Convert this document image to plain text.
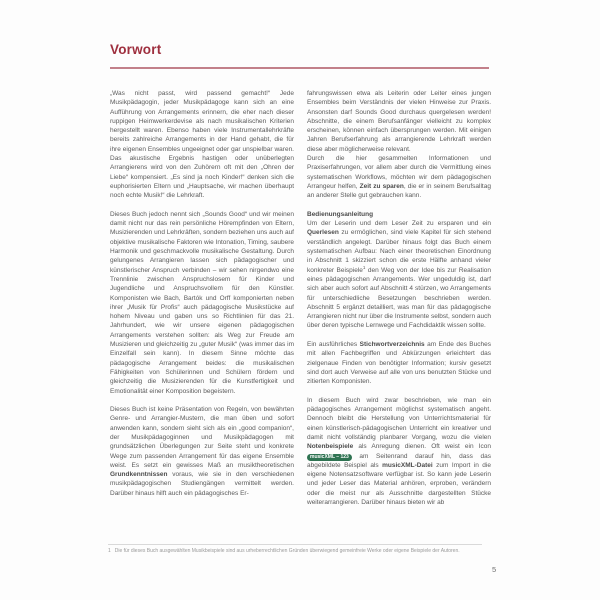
Vorwort

„Was nicht passt, wird passend gemacht!“ Jede Musikpädagogin, jeder Musikpädagoge kann sich an eine Aufführung von Arrangements erinnern, die eher nach dieser ruppigen Heimwerkerdevise als nach musikalischen Kriterien hergestellt waren. Ebenso haben viele Instrumentallehrkräfte bereits zahlreiche Arrangements in der Hand gehabt, die für ihre eigenen Ensembles ungeeignet oder gar unspielbar waren. Das akustische Ergebnis hastigen oder unüberlegten Arrangierens wird von den Zuhörern oft mit den „Ohren der Liebe“ kompensiert. „Es sind ja noch Kinder!“ denken sich die euphorisierten Eltern und „Hauptsache, wir machen überhaupt noch echte Musik!“ die Lehrkraft.

Dieses Buch jedoch nennt sich „Sounds Good“ und wir meinen damit nicht nur das rein persönliche Hörempfinden von Eltern, Musizierenden und Lehrkräften, sondern beziehen uns auch auf objektive musikalische Faktoren wie Intonation, Timing, saubere Harmonik und geschmackvolle musikalische Gestaltung. Durch gelungenes Arrangieren lassen sich pädagogischer und künstlerischer Anspruch verbinden – wir sehen nirgendwo eine Trennlinie zwischen Anspruchslosem für Kinder und Jugendliche und Anspruchsvollem für den Künstler. Komponisten wie Bach, Bartók und Orff komponierten neben ihrer „Musik für Profis“ auch pädagogische Musikstücke auf hohem Niveau und gaben uns so Richtlinien für das 21. Jahrhundert, wie wir unsere eigenen pädagogischen Arrangements verstehen sollten: als Weg zur Freude am Musizieren und gleichzeitig zu „guter Musik“ (was immer das im Einzelfall sein kann). In diesem Sinne möchte das pädagogische Arrangement beides: die musikalischen Fähigkeiten von Schülerinnen und Schülern fördern und gleichzeitig die Musizierenden für die Kunstfertigkeit und Emotionalität einer Komposition begeistern.

Dieses Buch ist keine Präsentation von Regeln, von bewährten Genre- und Arrangier-Mustern, die man üben und sofort anwenden kann, sondern sieht sich als ein „good companion“, der Musikpädagoginnen und Musikpädagogen mit grundsätzlichen Überlegungen zur Seite steht und konkrete Wege zum passenden Arrangement für das eigene Ensemble weist. Es setzt ein gewisses Maß an musiktheoretischen Grundkenntnissen voraus, wie sie in den verschiedenen musikpädagogischen Studiengängen vermittelt werden. Darüber hinaus hilft auch ein pädagogisches Er-

fahrungswissen etwa als Leiterin oder Leiter eines jungen Ensembles beim Verständnis der vielen Hinweise zur Praxis. Ansonsten darf Sounds Good durchaus quergelesen werden! Abschnitte, die einem Berufsanfänger vielleicht zu komplex erscheinen, können einfach übersprungen werden. Mit einigen Jahren Berufserfahrung als arrangierende Lehrkraft werden diese aber möglicherweise relevant.
Durch die hier gesammelten Informationen und Praxiserfahrungen, vor allem aber durch die Vermittlung eines systematischen Workflows, möchten wir dem pädagogischen Arrangeur helfen, Zeit zu sparen, die er in seinem Berufsalltag an anderer Stelle gut gebrauchen kann.

Bedienungsanleitung

Um der Leserin und dem Leser Zeit zu ersparen und ein Querlesen zu ermöglichen, sind viele Kapitel für sich stehend verständlich angelegt. Darüber hinaus folgt das Buch einem systematischen Aufbau: Nach einer theoretischen Einordnung in Abschnitt 1 skizziert schon die erste Hälfte anhand vieler konkreter Beispiele$^1$ den Weg von der Idee bis zur Realisation eines pädagogischen Arrangements. Wer ungeduldig ist, darf sich aber auch sofort auf Abschnitt 4 stürzen, wo Arrangements für unterschiedliche Besetzungen beschrieben werden. Abschnitt 5 ergänzt detailliert, was man für das pädagogische Arrangieren nicht nur über die Instrumente selbst, sondern auch über deren typische Lernwege und Fachdidaktik wissen sollte.

Ein ausführliches Stichwortverzeichnis am Ende des Buches mit allen Fachbegriffen und Abkürzungen erleichtert das zielgenaue Finden von benötigter Information; kursiv gesetzt sind dort auch Verweise auf alle von uns benutzten Stücke und zitierten Komponisten.

In diesem Buch wird zwar beschrieben, wie man ein pädagogisches Arrangement möglichst systematisch angeht. Dennoch bleibt die Herstellung von Unterrichtsmaterial für einen künstlerisch-pädagogischen Unterricht ein kreativer und damit nicht vollständig planbarer Vorgang, wozu die vielen Notenbeispiele als Anregung dienen. Oft weist ein Icon musicXML – 123 am Seitenrand darauf hin, dass das abgebildete Beispiel als musicXML-Datei zum Import in die eigene Notensatzsoftware verfügbar ist. So kann jede Leserin und jeder Leser das Material anhören, erproben, verändern oder die meist nur als Ausschnitte dargestellten Stücke weiterarrangieren. Darüber hinaus bieten wir ab

1 Die für dieses Buch ausgewählten Musikbeispiele sind aus urheberrechtlichen Gründen überwiegend gemeinfreie Werke oder eigene Beispiele der Autoren.
5
